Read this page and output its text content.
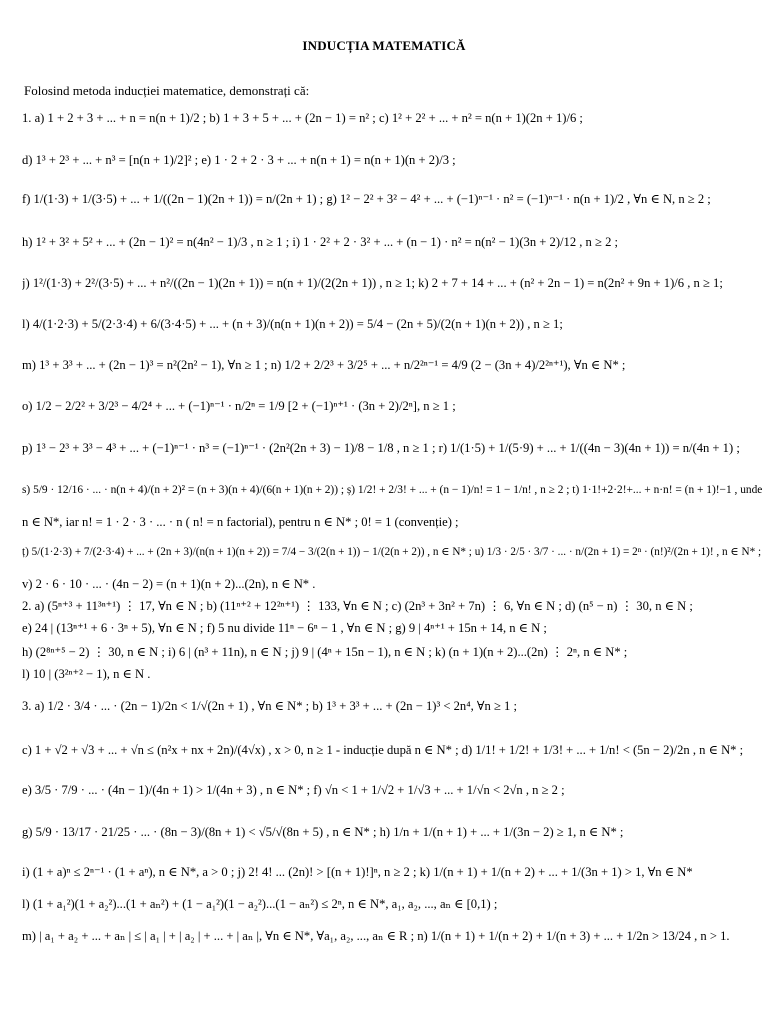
INDUCȚIA MATEMATICĂ
Folosind metoda inducției matematice, demonstrați că:
1. a) 1 + 2 + 3 + ... + n = n(n + 1)/2 ; b) 1 + 3 + 5 + ... + (2n − 1) = n² ; c) 1² + 2² + ... + n² = n(n + 1)(2n + 1)/6 ;
d) 1³ + 2³ + ... + n³ = [n(n + 1)/2]² ; e) 1 · 2 + 2 · 3 + ... + n(n + 1) = n(n + 1)(n + 2)/3 ;
f) 1/(1·3) + 1/(3·5) + ... + 1/((2n − 1)(2n + 1)) = n/(2n + 1) ; g) 1² − 2² + 3² − 4² + ... + (−1)ⁿ⁻¹ · n² = (−1)ⁿ⁻¹ · n(n + 1)/2 , ∀n ∈ N, n ≥ 2 ;
h) 1² + 3² + 5² + ... + (2n − 1)² = n(4n² − 1)/3 , n ≥ 1 ; i) 1 · 2² + 2 · 3² + ... + (n − 1) · n² = n(n² − 1)(3n + 2)/12 , n ≥ 2 ;
j) 1²/(1·3) + 2²/(3·5) + ... + n²/((2n − 1)(2n + 1)) = n(n + 1)/(2(2n + 1)) , n ≥ 1; k) 2 + 7 + 14 + ... + (n² + 2n − 1) = n(2n² + 9n + 1)/6 , n ≥ 1;
l) 4/(1·2·3) + 5/(2·3·4) + 6/(3·4·5) + ... + (n + 3)/(n(n + 1)(n + 2)) = 5/4 − (2n + 5)/(2(n + 1)(n + 2)) , n ≥ 1;
m) 1³ + 3³ + ... + (2n − 1)³ = n²(2n² − 1), ∀n ≥ 1 ; n) 1/2 + 2/2³ + 3/2⁵ + ... + n/2²ⁿ⁻¹ = 4/9 (2 − (3n + 4)/2²ⁿ⁺¹), ∀n ∈ N* ;
o) 1/2 − 2/2² + 3/2³ − 4/2⁴ + ... + (−1)ⁿ⁻¹ · n/2ⁿ = 1/9 [2 + (−1)ⁿ⁺¹ · (3n + 2)/2ⁿ], n ≥ 1 ;
p) 1³ − 2³ + 3³ − 4³ + ... + (−1)ⁿ⁻¹ · n³ = (−1)ⁿ⁻¹ · (2n²(2n + 3) − 1)/8 − 1/8 , n ≥ 1 ; r) 1/(1·5) + 1/(5·9) + ... + 1/((4n − 3)(4n + 1)) = n/(4n + 1) ;
s) 5/9 · 12/16 · ... · n(n + 4)/(n + 2)² = (n + 3)(n + 4)/(6(n + 1)(n + 2)) ; ș) 1/2! + 2/3! + ... + (n − 1)/n! = 1 − 1/n! , n ≥ 2 ; t) 1·1!+2·2!+... + n·n! = (n + 1)!−1 , unde
n ∈ N*, iar n! = 1 · 2 · 3 · ... · n ( n! = n factorial), pentru n ∈ N* ; 0! = 1 (convenție) ;
ț) 5/(1·2·3) + 7/(2·3·4) + ... + (2n + 3)/(n(n + 1)(n + 2)) = 7/4 − 3/(2(n + 1)) − 1/(2(n + 2)) , n ∈ N* ; u) 1/3 · 2/5 · 3/7 · ... · n/(2n + 1) = 2ⁿ · (n!)²/(2n + 1)! , n ∈ N* ;
v) 2 · 6 · 10 · ... · (4n − 2) = (n + 1)(n + 2)...(2n), n ∈ N* .
2. a) (5ⁿ⁺³ + 11³ⁿ⁺¹) ⋮ 17, ∀n ∈ N ; b) (11ⁿ⁺² + 12²ⁿ⁺¹) ⋮ 133, ∀n ∈ N ; c) (2n³ + 3n² + 7n) ⋮ 6, ∀n ∈ N ; d) (n⁵ − n) ⋮ 30, n ∈ N ;
e) 24 | (13ⁿ⁺¹ + 6 · 3ⁿ + 5), ∀n ∈ N ; f) 5 nu divide 11ⁿ − 6ⁿ − 1 , ∀n ∈ N ; g) 9 | 4ⁿ⁺¹ + 15n + 14, n ∈ N ;
h) (2⁸ⁿ⁺⁵ − 2) ⋮ 30, n ∈ N ; i) 6 | (n³ + 11n), n ∈ N ; j) 9 | (4ⁿ + 15n − 1), n ∈ N ; k) (n + 1)(n + 2)...(2n) ⋮ 2ⁿ, n ∈ N* ;
l) 10 | (3²ⁿ⁺² − 1), n ∈ N .
3. a) 1/2 · 3/4 · ... · (2n − 1)/2n < 1/√(2n + 1) , ∀n ∈ N* ; b) 1³ + 3³ + ... + (2n − 1)³ < 2n⁴, ∀n ≥ 1 ;
c) 1 + √2 + √3 + ... + √n ≤ (n²x + nx + 2n)/(4√x) , x > 0, n ≥ 1 - inducție după n ∈ N* ; d) 1/1! + 1/2! + 1/3! + ... + 1/n! < (5n − 2)/2n , n ∈ N* ;
e) 3/5 · 7/9 · ... · (4n − 1)/(4n + 1) > 1/(4n + 3) , n ∈ N* ; f) √n < 1 + 1/√2 + 1/√3 + ... + 1/√n < 2√n , n ≥ 2 ;
g) 5/9 · 13/17 · 21/25 · ... · (8n − 3)/(8n + 1) < √5/√(8n + 5) , n ∈ N* ; h) 1/n + 1/(n + 1) + ... + 1/(3n − 2) ≥ 1, n ∈ N* ;
i) (1 + a)ⁿ ≤ 2ⁿ⁻¹ · (1 + aⁿ), n ∈ N*, a > 0 ; j) 2! 4! ... (2n)! > [(n + 1)!]ⁿ, n ≥ 2 ; k) 1/(n + 1) + 1/(n + 2) + ... + 1/(3n + 1) > 1, ∀n ∈ N*
l) (1 + a₁²)(1 + a₂²)...(1 + aₙ²) + (1 − a₁²)(1 − a₂²)...(1 − aₙ²) ≤ 2ⁿ, n ∈ N*, a₁, a₂, ..., aₙ ∈ [0,1) ;
m) | a₁ + a₂ + ... + aₙ | ≤ | a₁ | + | a₂ | + ... + | aₙ |, ∀n ∈ N*, ∀a₁, a₂, ..., aₙ ∈ R ; n) 1/(n + 1) + 1/(n + 2) + 1/(n + 3) + ... + 1/2n > 13/24 , n > 1.
